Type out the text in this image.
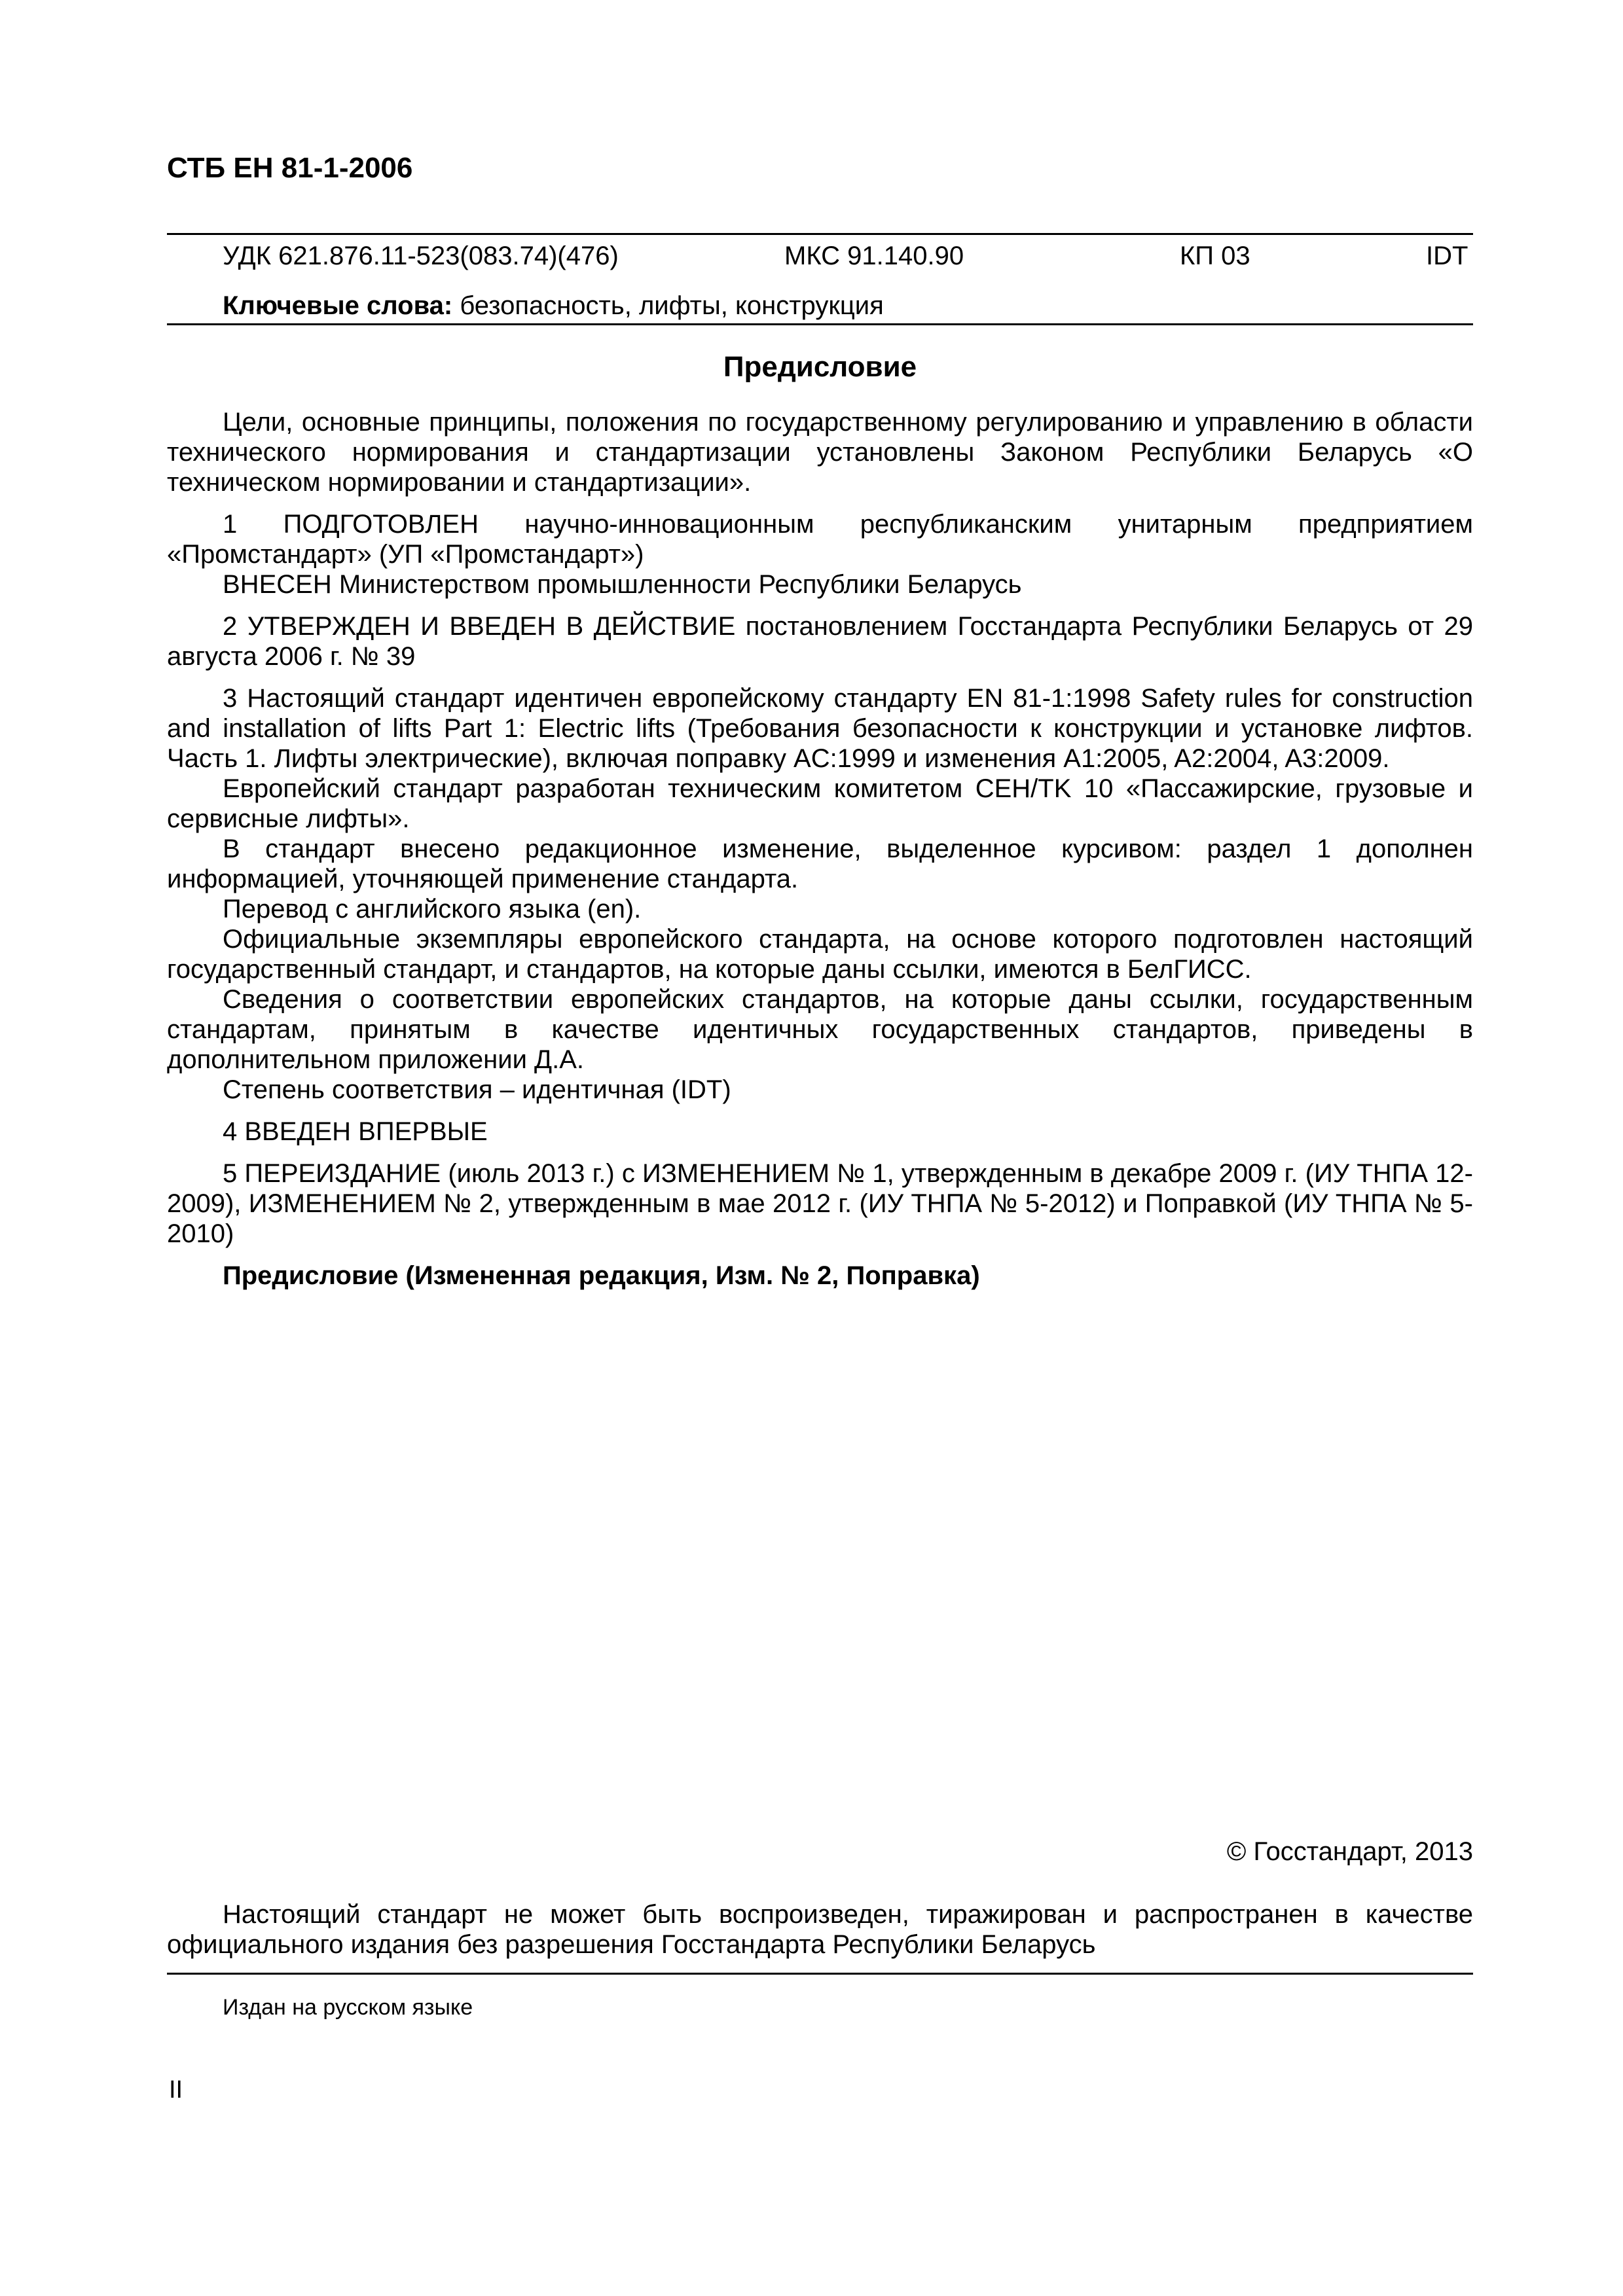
СТБ ЕН 81-1-2006
УДК 621.876.11-523(083.74)(476)	МКС 91.140.90	КП 03	IDT
Ключевые слова: безопасность, лифты, конструкция
Предисловие

Цели, основные принципы, положения по государственному регулированию и управлению в области технического нормирования и стандартизации установлены Законом Республики Беларусь «О техническом нормировании и стандартизации».

1 ПОДГОТОВЛЕН научно-инновационным республиканским унитарным предприятием «Промстандарт» (УП «Промстандарт»)

ВНЕСЕН Министерством промышленности Республики Беларусь

2 УТВЕРЖДЕН И ВВЕДЕН В ДЕЙСТВИЕ постановлением Госстандарта Республики Беларусь от 29 августа 2006 г. № 39

3 Настоящий стандарт идентичен европейскому стандарту EN 81-1:1998 Safety rules for construction and installation of lifts Part 1: Electric lifts (Требования безопасности к конструкции и установке лифтов. Часть 1. Лифты электрические), включая поправку AC:1999 и изменения A1:2005, A2:2004, A3:2009.

Европейский стандарт разработан техническим комитетом CEH/TK 10 «Пассажирские, грузовые и сервисные лифты».

В стандарт внесено редакционное изменение, выделенное курсивом: раздел 1 дополнен информацией, уточняющей применение стандарта.

Перевод с английского языка (en).

Официальные экземпляры европейского стандарта, на основе которого подготовлен настоящий государственный стандарт, и стандартов, на которые даны ссылки, имеются в БелГИСС.

Сведения о соответствии европейских стандартов, на которые даны ссылки, государственным стандартам, принятым в качестве идентичных государственных стандартов, приведены в дополнительном приложении Д.А.

Степень соответствия – идентичная (IDT)

4 ВВЕДЕН ВПЕРВЫЕ

5 ПЕРЕИЗДАНИЕ (июль 2013 г.) с ИЗМЕНЕНИЕМ № 1, утвержденным в декабре 2009 г. (ИУ ТНПА 12-2009), ИЗМЕНЕНИЕМ № 2, утвержденным в мае 2012 г. (ИУ ТНПА № 5-2012) и Поправкой (ИУ ТНПА № 5-2010)

Предисловие (Измененная редакция, Изм. № 2, Поправка)

© Госстандарт, 2013

Настоящий стандарт не может быть воспроизведен, тиражирован и распространен в качестве официального издания без разрешения Госстандарта Республики Беларусь

Издан на русском языке
II
